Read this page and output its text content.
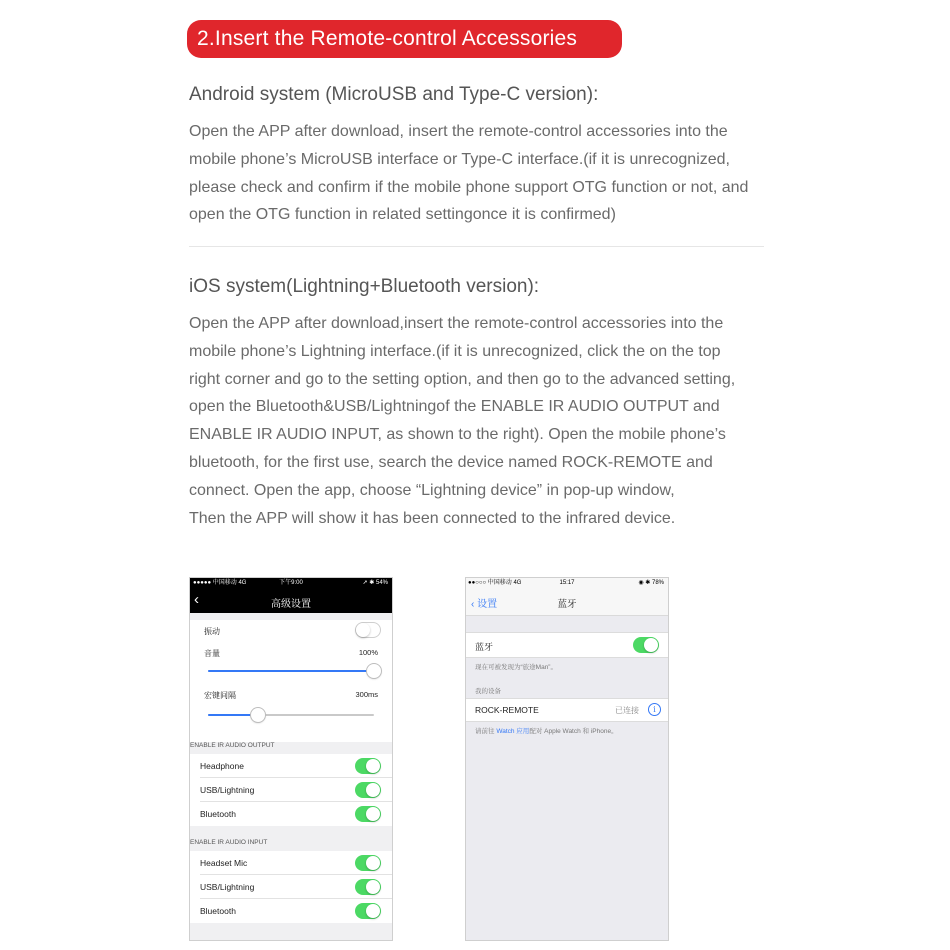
2.Insert the Remote-control Accessories
Android system (MicroUSB and Type-C version):
Open the APP after download, insert the remote-control accessories into the
mobile phone’s MicroUSB interface or Type-C interface.(if it is unrecognized,
please check and confirm if the mobile phone support OTG function or not, and
open the OTG function in related settingonce it is confirmed)
iOS system(Lightning+Bluetooth version):
Open the APP after download,insert the remote-control accessories into the
mobile phone’s Lightning interface.(if it is unrecognized, click the on the top
right corner and go to the setting option, and then go to the advanced setting,
open the Bluetooth&USB/Lightningof the ENABLE IR AUDIO OUTPUT and
ENABLE IR AUDIO INPUT, as shown to the right). Open the mobile phone’s
bluetooth, for the first use, search the device named ROCK-REMOTE and
connect. Open the app, choose “Lightning device” in pop-up window,
Then the APP will show it has been connected to the infrared device.
●●●●● 中国移动 4G	下午9:00	➚ ✱ 54%
‹	高级设置
振动
音量	100%
宏键间隔	300ms
ENABLE IR AUDIO OUTPUT
Headphone
USB/Lightning
Bluetooth
ENABLE IR AUDIO INPUT
Headset Mic
USB/Lightning
Bluetooth
●●○○○ 中国移动 4G	15:17	◉ ✱ 78%
‹ 设置	蓝牙
蓝牙
现在可被发现为“旅途Man”。
我的设备
ROCK-REMOTE	已连接	i
请前往 Watch 应用配对 Apple Watch 和 iPhone。
